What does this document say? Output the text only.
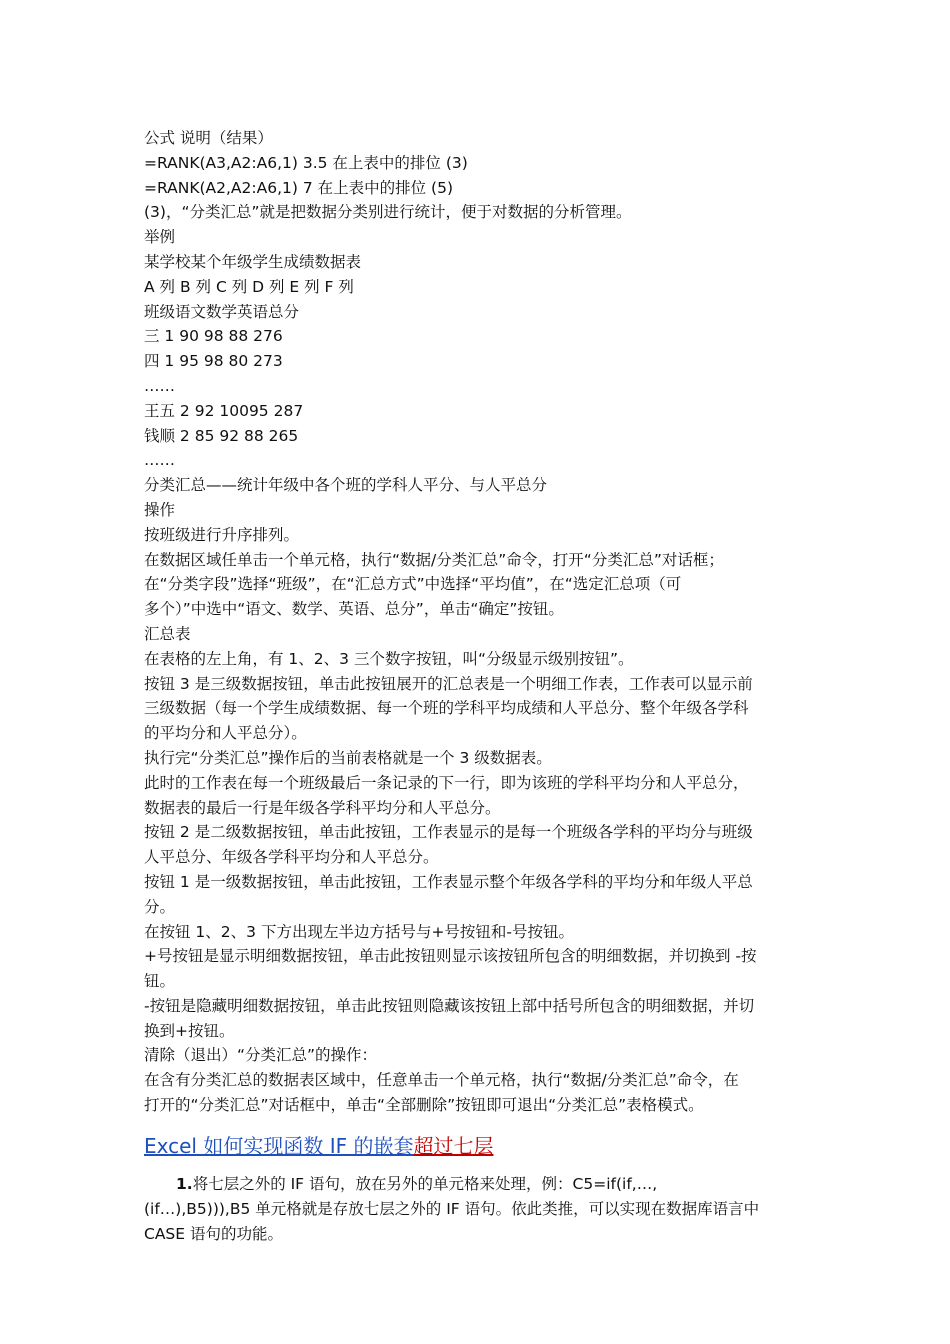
公式 说明（结果）
=RANK(A3,A2:A6,1) 3.5 在上表中的排位 (3)
=RANK(A2,A2:A6,1) 7 在上表中的排位 (5)
(3)，“分类汇总”就是把数据分类别进行统计，便于对数据的分析管理。
举例
某学校某个年级学生成绩数据表
A 列 B 列 C 列 D 列 E 列 F 列
班级语文数学英语总分
三 1 90 98 88 276
四 1 95 98 80 273
……
王五 2 92 10095 287
钱顺 2 85 92 88 265
……
分类汇总——统计年级中各个班的学科人平分、与人平总分
操作
按班级进行升序排列。
在数据区域任单击一个单元格，执行“数据/分类汇总”命令，打开“分类汇总”对话框；
在“分类字段”选择“班级”，在“汇总方式”中选择“平均值”，在“选定汇总项（可
多个）”中选中“语文、数学、英语、总分”，单击“确定”按钮。
汇总表
在表格的左上角，有 1、2、3 三个数字按钮，叫“分级显示级别按钮”。
按钮 3 是三级数据按钮，单击此按钮展开的汇总表是一个明细工作表，工作表可以显示前
三级数据（每一个学生成绩数据、每一个班的学科平均成绩和人平总分、整个年级各学科
的平均分和人平总分）。
执行完“分类汇总”操作后的当前表格就是一个 3 级数据表。
此时的工作表在每一个班级最后一条记录的下一行，即为该班的学科平均分和人平总分，
数据表的最后一行是年级各学科平均分和人平总分。
按钮 2 是二级数据按钮，单击此按钮，工作表显示的是每一个班级各学科的平均分与班级
人平总分、年级各学科平均分和人平总分。
按钮 1 是一级数据按钮，单击此按钮，工作表显示整个年级各学科的平均分和年级人平总
分。
在按钮 1、2、3 下方出现左半边方括号与+号按钮和-号按钮。
+号按钮是显示明细数据按钮，单击此按钮则显示该按钮所包含的明细数据，并切换到 -按
钮。
-按钮是隐藏明细数据按钮，单击此按钮则隐藏该按钮上部中括号所包含的明细数据，并切
换到+按钮。
清除（退出）“分类汇总”的操作：
在含有分类汇总的数据表区域中，任意单击一个单元格，执行“数据/分类汇总”命令，在
打开的“分类汇总”对话框中，单击“全部删除”按钮即可退出“分类汇总”表格模式。
Excel 如何实现函数 IF 的嵌套超过七层
1.将七层之外的 IF 语句，放在另外的单元格来处理，例：C5=if(if,…,
(if…),B5))),B5 单元格就是存放七层之外的 IF 语句。依此类推，可以实现在数据库语言中
CASE 语句的功能。
